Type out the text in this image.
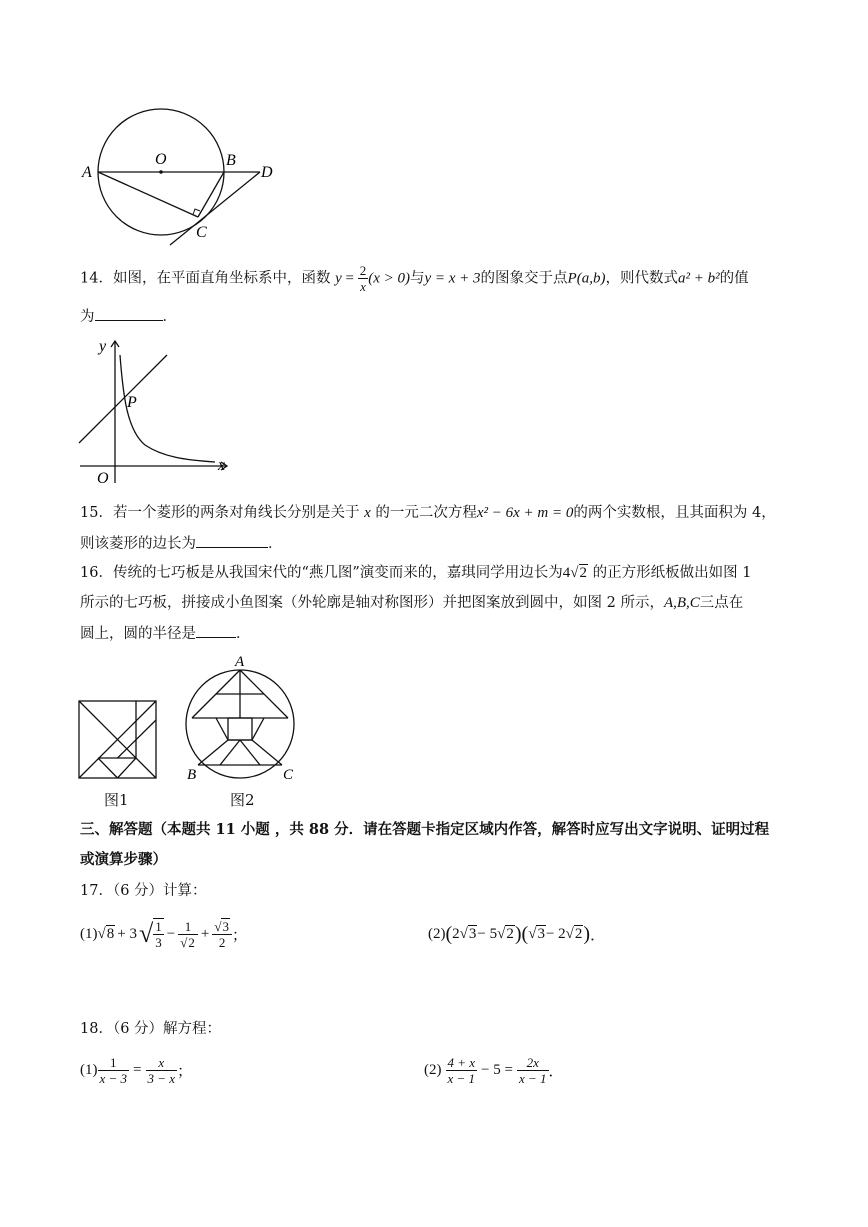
A
O	B
D
C
14．如图，在平面直角坐标系中，函数 $y = \frac{2}{x} (x > 0)$与y = x + 3的图象交于点P(a,b)，则代数式a² + b²的值
为	．
y
P
O
x
15．若一个菱形的两条对角线长分别是关于 x 的一元二次方程x² − 6x + m = 0的两个实数根，且其面积为 4，
则该菱形的边长为	．
16．传统的七巧板是从我国宋代的“燕几图”演变而来的，嘉琪同学用边长为4√2 的正方形纸板做出如图 1
所示的七巧板，拼接成小鱼图案（外轮廓是轴对称图形）并把图案放到圆中，如图 2 所示，A,B,C三点在
圆上，圆的半径是	．
图1
A
B	C
图2
三、解答题（本题共 11 小题 ，共 88 分．请在答题卡指定区域内作答，解答时应写出文字说明、证明过程
或演算步骤）
17．（6 分）计算：
(1) √ 8 + 3 √ $\frac{1}{3} - \frac{1}{√2} + \frac{√3}{2}$ ；	(2) ( 2 √ 3 − 5 √ 2 ) ( √ 3 − 2 √ 2 ) ．
18．（6 分）解方程：
$(1) \frac{1}{x - 3} = \frac{x}{3 - x}$ ；	$(2) \frac{4 + x}{x - 1} - 5 = \frac{2x}{x - 1}$ ．
